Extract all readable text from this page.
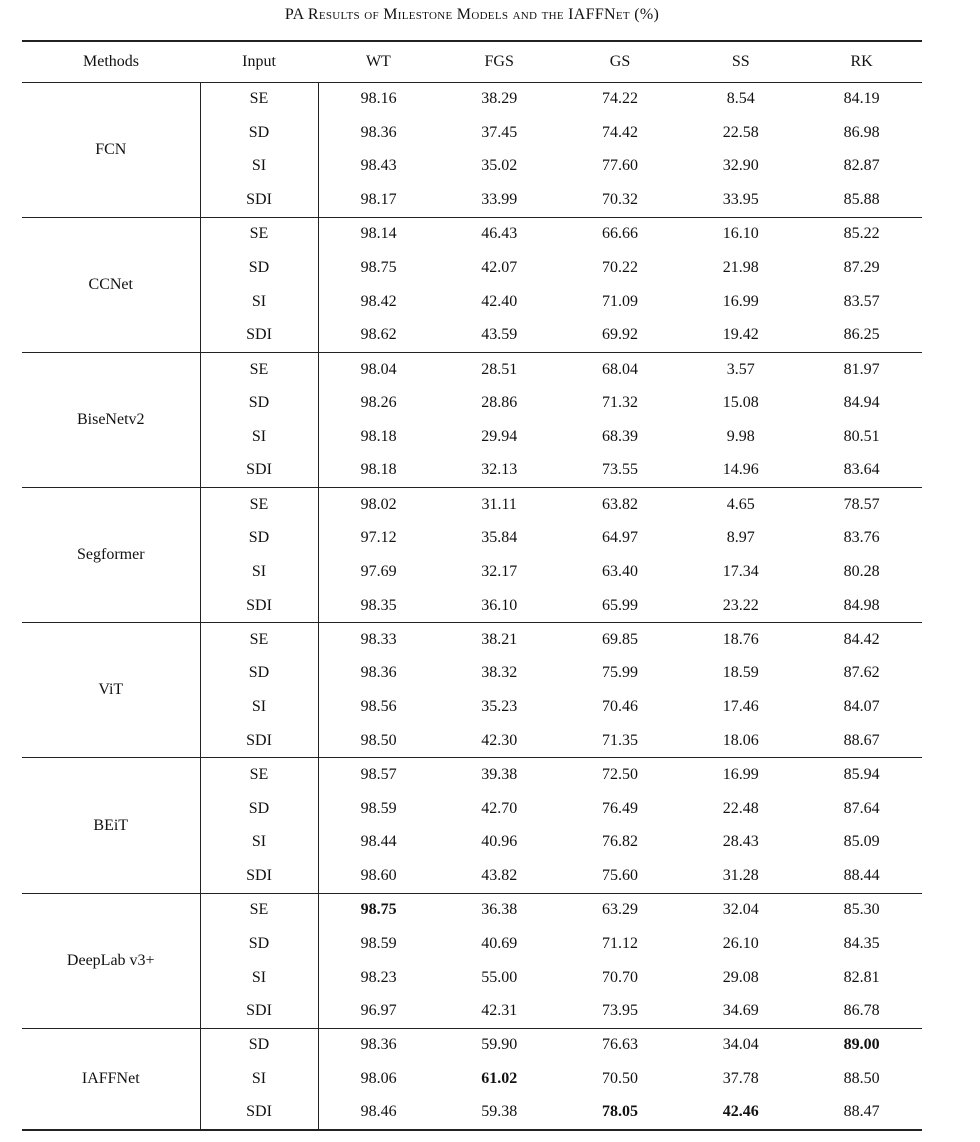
PA Results of Milestone Models and the IAFFNet (%)
Methods	Input	WT	FGS	GS	SS	RK
FCN	SE	98.16	38.29	74.22	8.54	84.19
	SD	98.36	37.45	74.42	22.58	86.98
	SI	98.43	35.02	77.60	32.90	82.87
	SDI	98.17	33.99	70.32	33.95	85.88
CCNet	SE	98.14	46.43	66.66	16.10	85.22
	SD	98.75	42.07	70.22	21.98	87.29
	SI	98.42	42.40	71.09	16.99	83.57
	SDI	98.62	43.59	69.92	19.42	86.25
BiseNetv2	SE	98.04	28.51	68.04	3.57	81.97
	SD	98.26	28.86	71.32	15.08	84.94
	SI	98.18	29.94	68.39	9.98	80.51
	SDI	98.18	32.13	73.55	14.96	83.64
Segformer	SE	98.02	31.11	63.82	4.65	78.57
	SD	97.12	35.84	64.97	8.97	83.76
	SI	97.69	32.17	63.40	17.34	80.28
	SDI	98.35	36.10	65.99	23.22	84.98
ViT	SE	98.33	38.21	69.85	18.76	84.42
	SD	98.36	38.32	75.99	18.59	87.62
	SI	98.56	35.23	70.46	17.46	84.07
	SDI	98.50	42.30	71.35	18.06	88.67
BEiT	SE	98.57	39.38	72.50	16.99	85.94
	SD	98.59	42.70	76.49	22.48	87.64
	SI	98.44	40.96	76.82	28.43	85.09
	SDI	98.60	43.82	75.60	31.28	88.44
DeepLab v3+	SE	98.75	36.38	63.29	32.04	85.30
	SD	98.59	40.69	71.12	26.10	84.35
	SI	98.23	55.00	70.70	29.08	82.81
	SDI	96.97	42.31	73.95	34.69	86.78
IAFFNet	SD	98.36	59.90	76.63	34.04	89.00
	SI	98.06	61.02	70.50	37.78	88.50
	SDI	98.46	59.38	78.05	42.46	88.47
